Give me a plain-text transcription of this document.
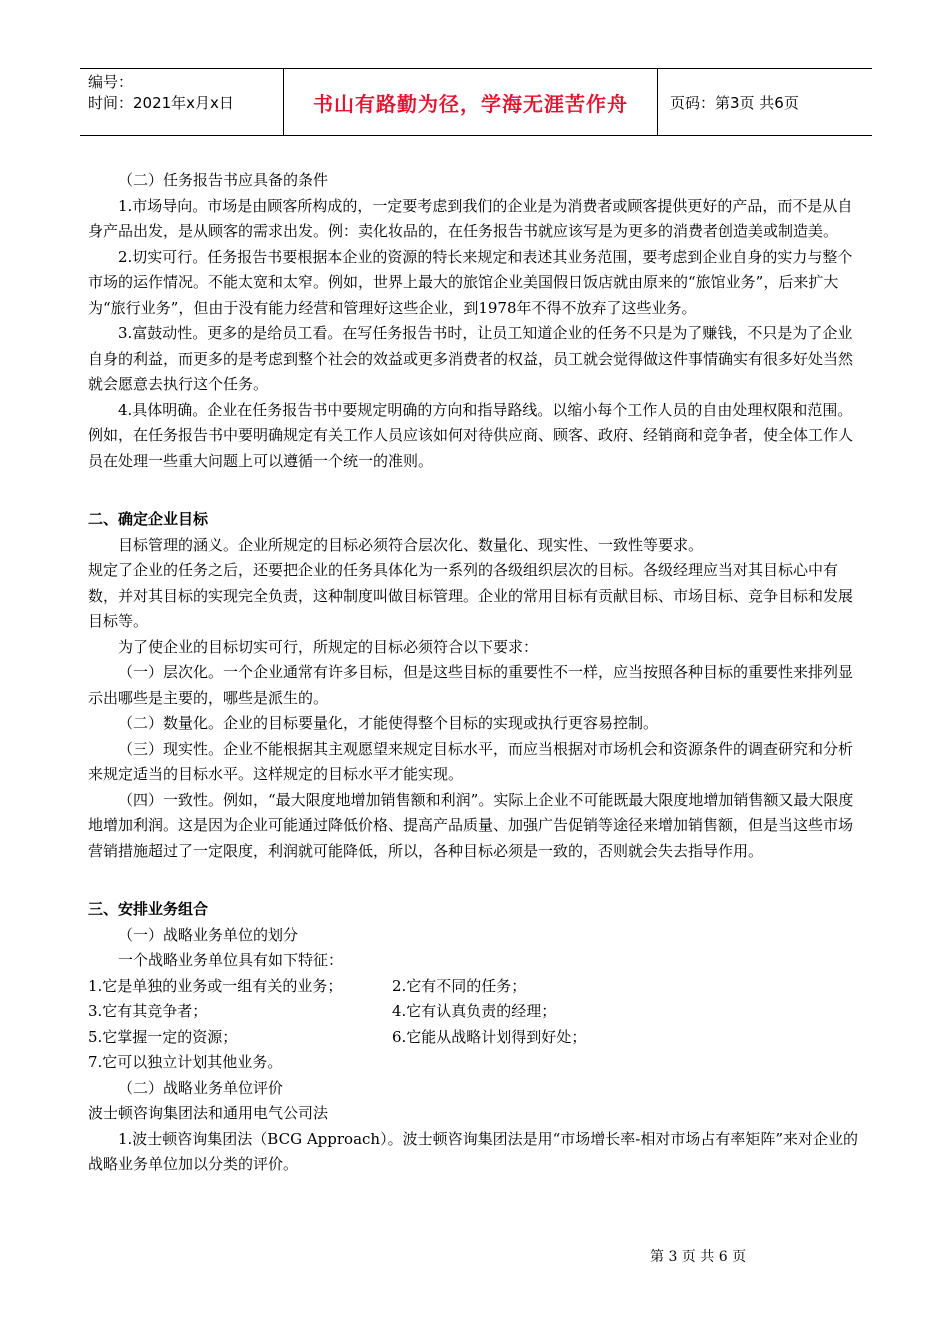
编号：
时间：2021年x月x日	书山有路勤为径，学海无涯苦作舟	页码：第3页 共6页

（二）任务报告书应具备的条件

1.市场导向。市场是由顾客所构成的，一定要考虑到我们的企业是为消费者或顾客提供更好的产品，而不是从自身产品出发，是从顾客的需求出发。例：卖化妆品的，在任务报告书就应该写是为更多的消费者创造美或制造美。

2.切实可行。任务报告书要根据本企业的资源的特长来规定和表述其业务范围，要考虑到企业自身的实力与整个市场的运作情况。不能太宽和太窄。例如，世界上最大的旅馆企业美国假日饭店就由原来的“旅馆业务”，后来扩大为“旅行业务”，但由于没有能力经营和管理好这些企业，到1978年不得不放弃了这些业务。

3.富鼓动性。更多的是给员工看。在写任务报告书时，让员工知道企业的任务不只是为了赚钱，不只是为了企业自身的利益，而更多的是考虑到整个社会的效益或更多消费者的权益，员工就会觉得做这件事情确实有很多好处当然就会愿意去执行这个任务。

4.具体明确。企业在任务报告书中要规定明确的方向和指导路线。以缩小每个工作人员的自由处理权限和范围。例如，在任务报告书中要明确规定有关工作人员应该如何对待供应商、顾客、政府、经销商和竞争者，使全体工作人员在处理一些重大问题上可以遵循一个统一的准则。

二、确定企业目标

目标管理的涵义。企业所规定的目标必须符合层次化、数量化、现实性、一致性等要求。

规定了企业的任务之后，还要把企业的任务具体化为一系列的各级组织层次的目标。各级经理应当对其目标心中有数，并对其目标的实现完全负责，这种制度叫做目标管理。企业的常用目标有贡献目标、市场目标、竞争目标和发展目标等。

为了使企业的目标切实可行，所规定的目标必须符合以下要求：

（一）层次化。一个企业通常有许多目标，但是这些目标的重要性不一样，应当按照各种目标的重要性来排列显示出哪些是主要的，哪些是派生的。

（二）数量化。企业的目标要量化，才能使得整个目标的实现或执行更容易控制。

（三）现实性。企业不能根据其主观愿望来规定目标水平，而应当根据对市场机会和资源条件的调查研究和分析来规定适当的目标水平。这样规定的目标水平才能实现。

（四）一致性。例如，“最大限度地增加销售额和利润”。实际上企业不可能既最大限度地增加销售额又最大限度地增加利润。这是因为企业可能通过降低价格、提高产品质量、加强广告促销等途径来增加销售额，但是当这些市场营销措施超过了一定限度，利润就可能降低，所以，各种目标必须是一致的，否则就会失去指导作用。

三、安排业务组合

（一）战略业务单位的划分

一个战略业务单位具有如下特征：

1.它是单独的业务或一组有关的业务；	2.它有不同的任务；
3.它有其竞争者；	4.它有认真负责的经理；
5.它掌握一定的资源；	6.它能从战略计划得到好处；

7.它可以独立计划其他业务。

（二）战略业务单位评价

波士顿咨询集团法和通用电气公司法

1.波士顿咨询集团法（BCG Approach）。波士顿咨询集团法是用“市场增长率-相对市场占有率矩阵”来对企业的战略业务单位加以分类的评价。

第 3 页 共 6 页
